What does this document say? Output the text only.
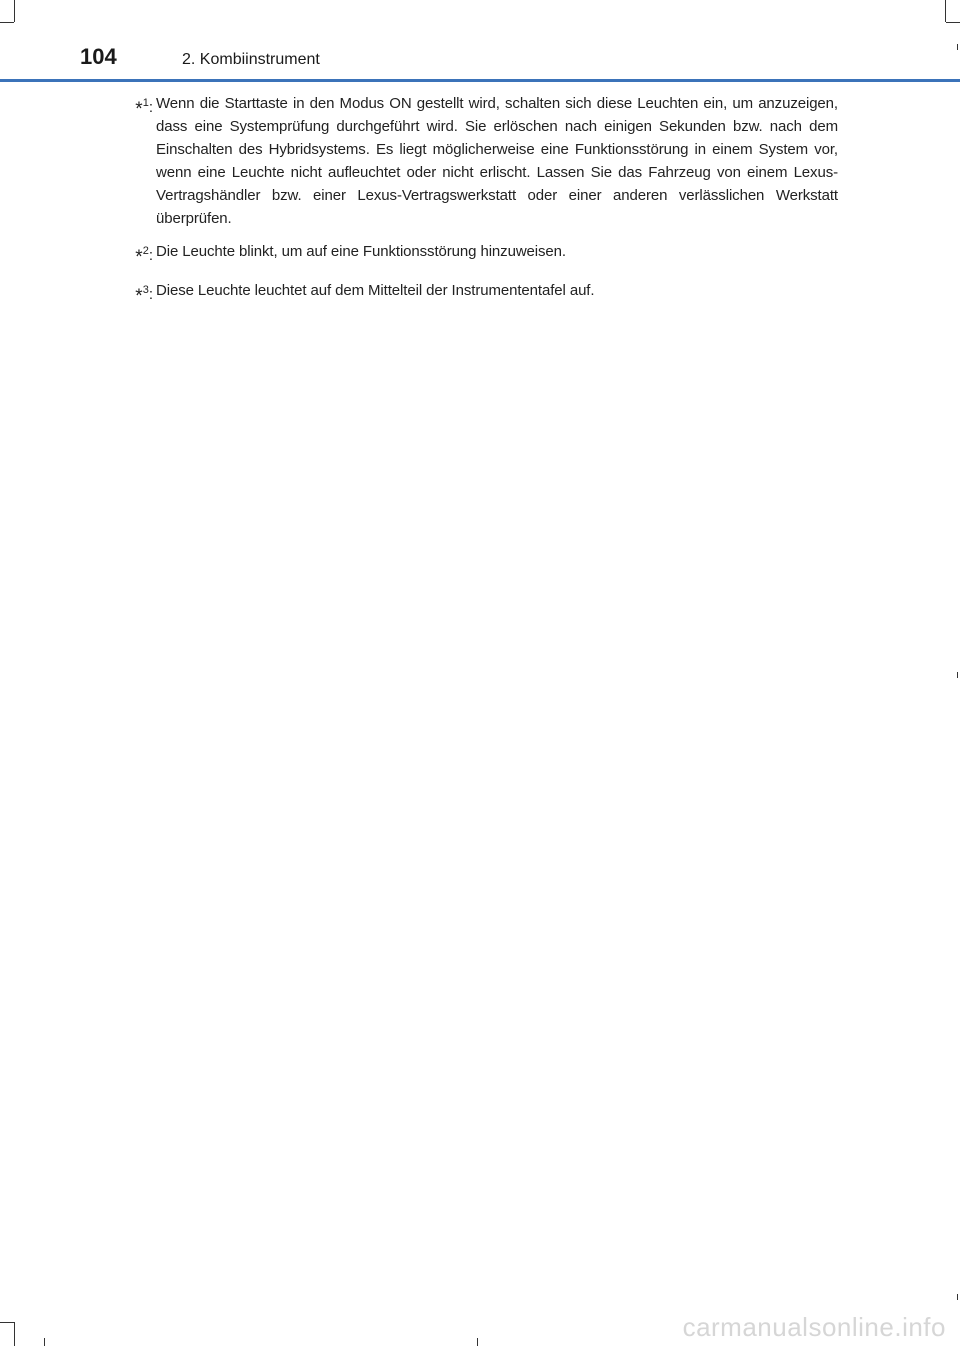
104	2. Kombiinstrument
*$^1$: Wenn die Starttaste in den Modus ON gestellt wird, schalten sich diese Leuchten ein, um anzuzeigen, dass eine Systemprüfung durchgeführt wird. Sie erlöschen nach einigen Sekunden bzw. nach dem Einschalten des Hybridsystems. Es liegt möglicherweise eine Funktionsstörung in einem System vor, wenn eine Leuchte nicht aufleuchtet oder nicht erlischt. Lassen Sie das Fahrzeug von einem Lexus-Vertragshändler bzw. einer Lexus-Vertragswerkstatt oder einer anderen verlässlichen Werkstatt überprüfen.
*$^2$: Die Leuchte blinkt, um auf eine Funktionsstörung hinzuweisen.
*$^3$: Diese Leuchte leuchtet auf dem Mittelteil der Instrumententafel auf.
carmanualsonline.info
